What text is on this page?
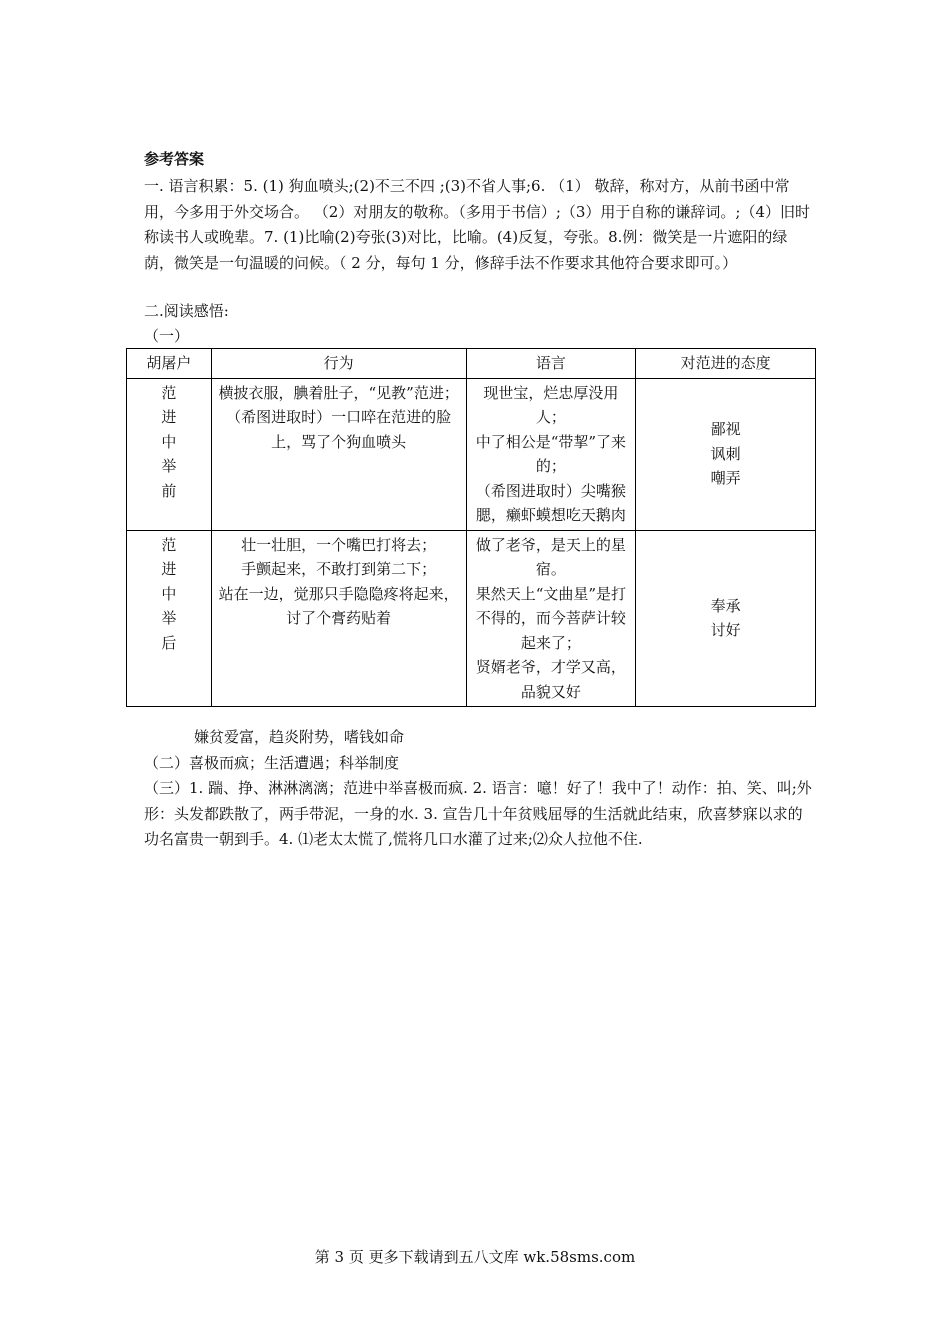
参考答案
一. 语言积累：5. (1) 狗血喷头;(2)不三不四 ;(3)不省人事;6. （1） 敬辞，称对方，从前书函中常用，今多用于外交场合。 （2）对朋友的敬称。（多用于书信）;（3）用于自称的谦辞词。;（4）旧时称读书人或晚辈。7. (1)比喻(2)夸张(3)对比，比喻。(4)反复，夸张。8.例：微笑是一片遮阳的绿荫，微笑是一句温暖的问候。（ 2 分，每句 1 分，修辞手法不作要求其他符合要求即可。）
二.阅读感悟:
（一）
胡屠户	行为	语言	对范进的态度
范
进
中
举
前	横披衣服，腆着肚子，“见教”范进；
（希图进取时）一口啐在范进的脸上，骂了个狗血喷头	现世宝，烂忠厚没用人；
中了相公是“带挈”了来的；
（希图进取时）尖嘴猴腮，癞虾蟆想吃天鹅肉	鄙视
讽刺
嘲弄
范
进
中
举
后	壮一壮胆，一个嘴巴打将去；
手颤起来，不敢打到第二下；
站在一边，觉那只手隐隐疼将起来，讨了个膏药贴着	做了老爷，是天上的星宿。
果然天上“文曲星”是打不得的，而今菩萨计较起来了；
贤婿老爷，才学又高，品貌又好	奉承
讨好
嫌贫爱富，趋炎附势，嗜钱如命
（二）喜极而疯；生活遭遇；科举制度
（三）1. 踹、挣、淋淋漓漓；范进中举喜极而疯. 2. 语言：噫！好了！我中了！动作：拍、笑、叫;外形：头发都跌散了，两手带泥，一身的水. 3. 宣告几十年贫贱屈辱的生活就此结束，欣喜梦寐以求的功名富贵一朝到手。4. ⑴老太太慌了,慌将几口水灌了过来;⑵众人拉他不住.
第 3 页 更多下载请到五八文库 wk.58sms.com
